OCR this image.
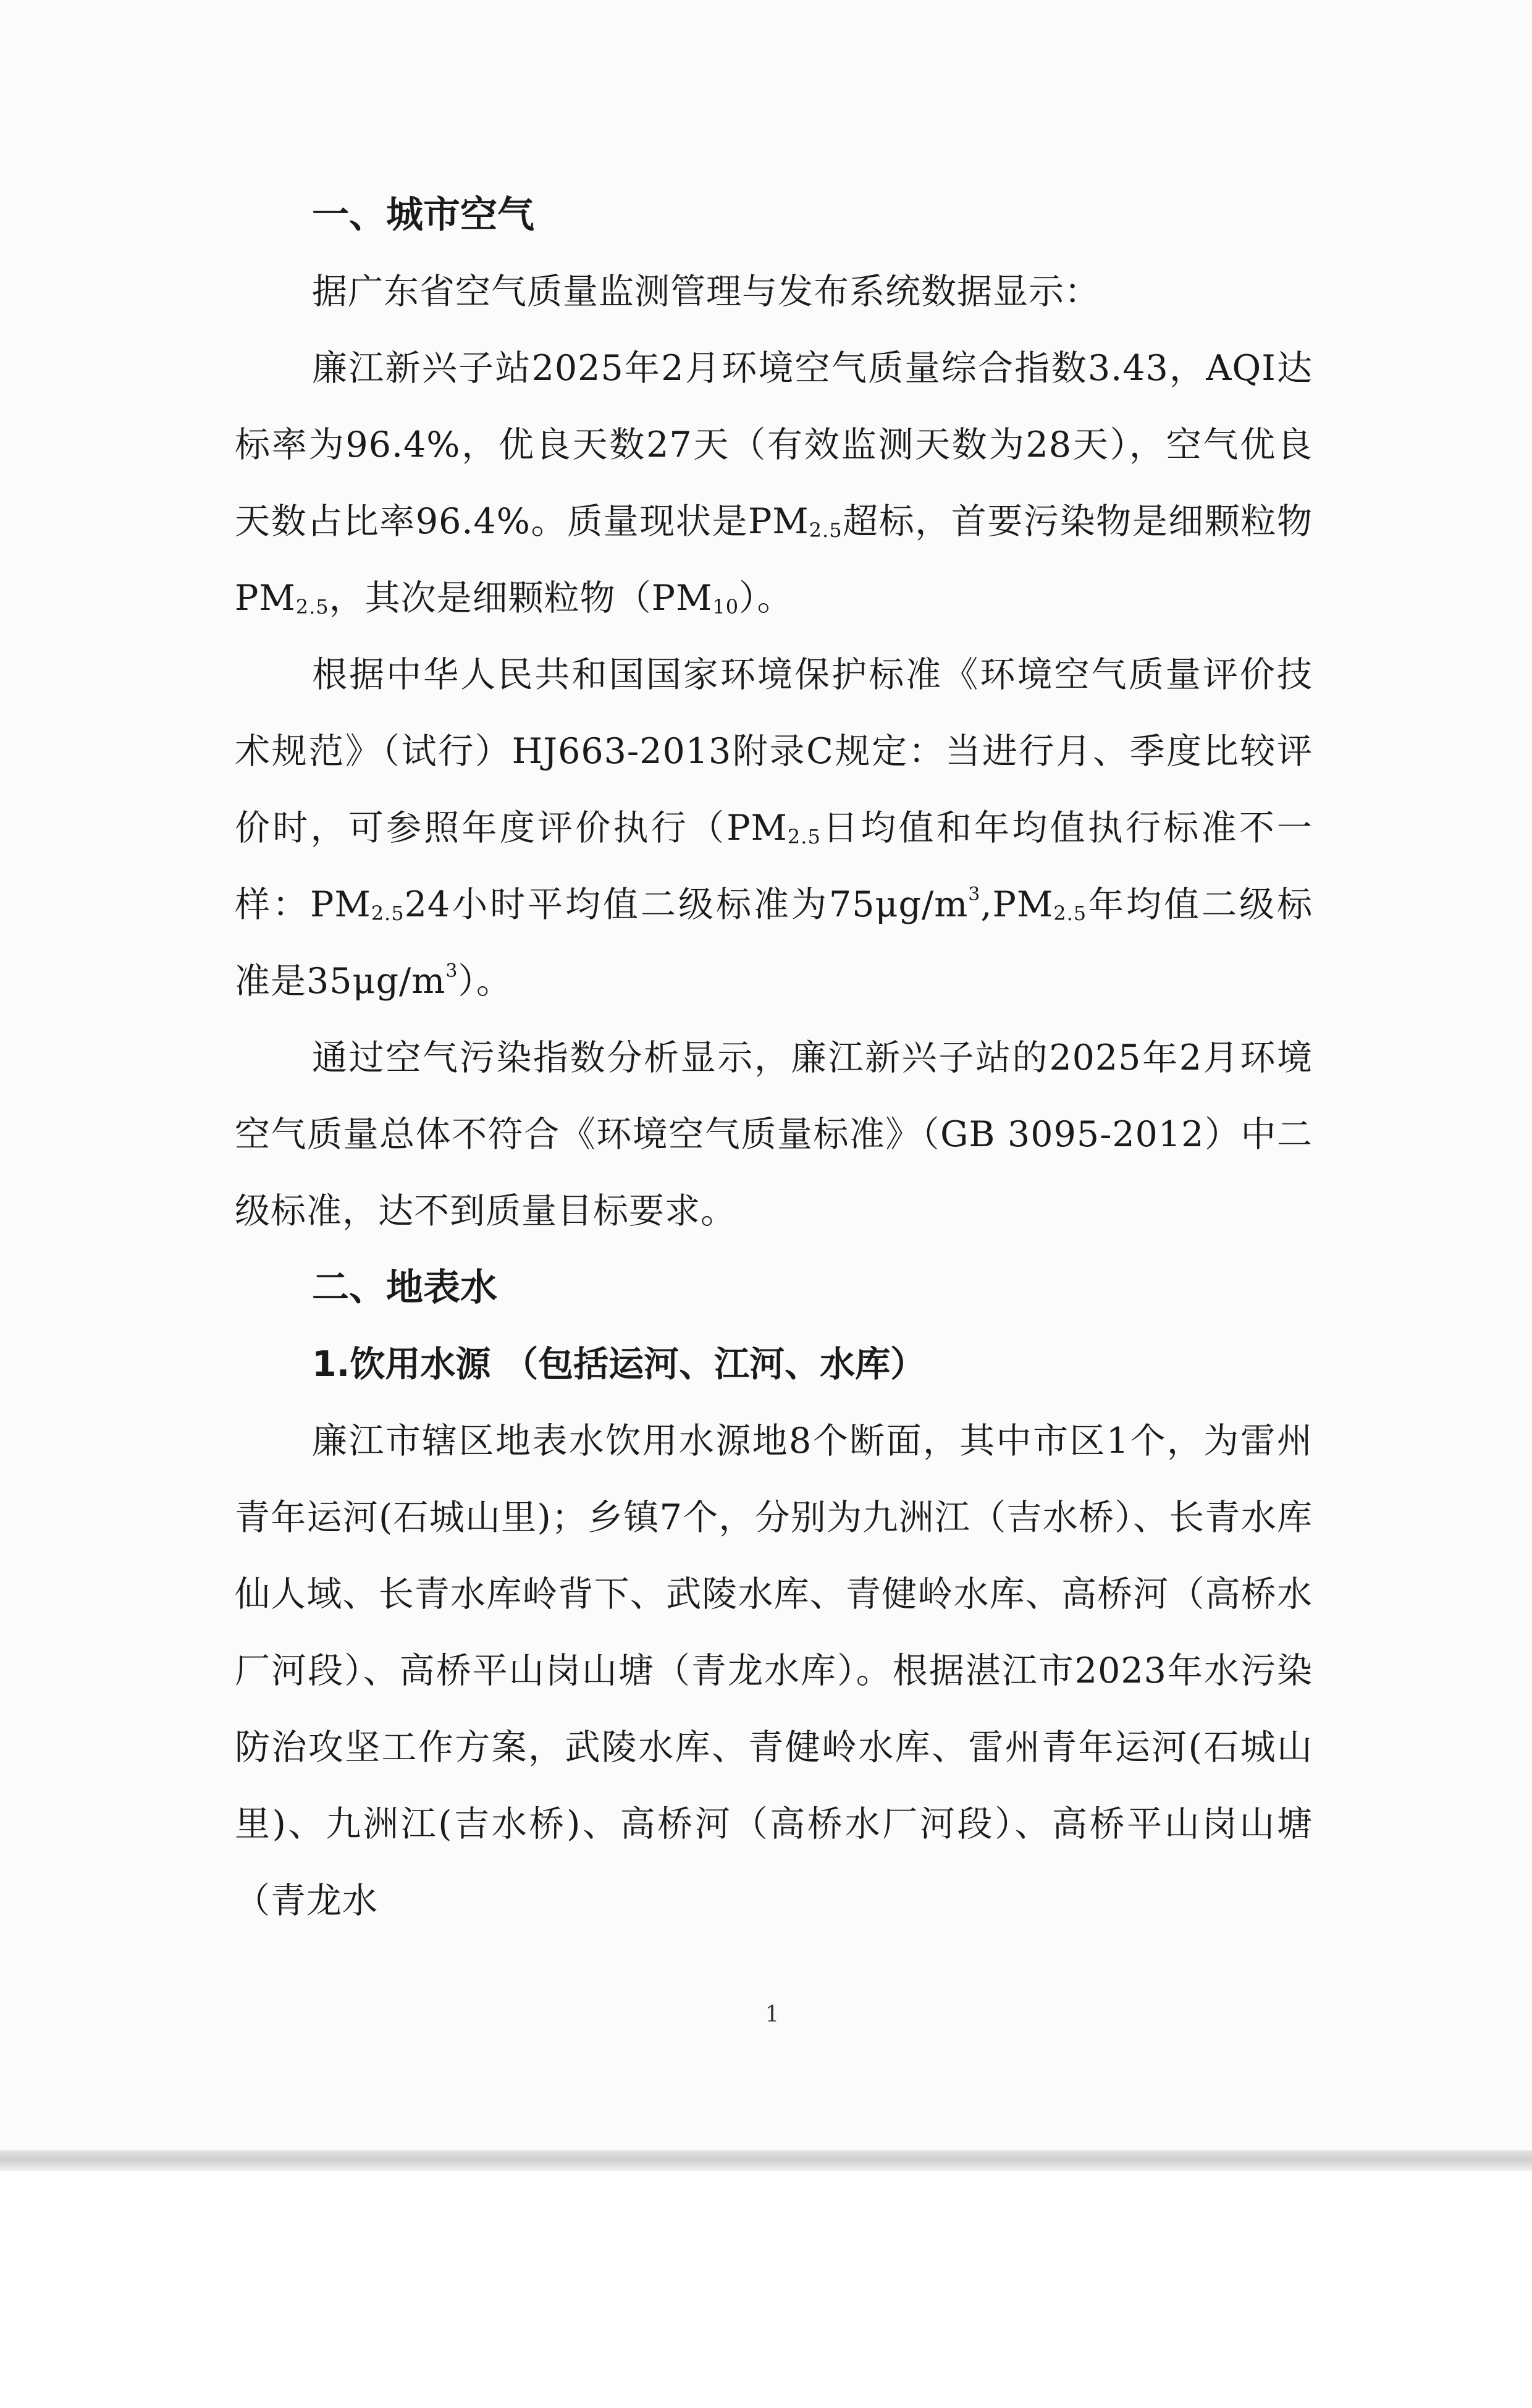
一、城市空气

据广东省空气质量监测管理与发布系统数据显示：

廉江新兴子站2025年2月环境空气质量综合指数3.43，AQI达标率为96.4%，优良天数27天（有效监测天数为28天），空气优良天数占比率96.4%。质量现状是$PM_{2.5}$超标，首要污染物是细颗粒物$PM_{2.5}$，其次是细颗粒物$(PM_{10})$。

根据中华人民共和国国家环境保护标准《环境空气质量评价技术规范》（试行）HJ663-2013附录C规定：当进行月、季度比较评价时，可参照年度评价执行（$PM_{2.5}$日均值和年均值执行标准不一样：$PM_{2.5}24$小时平均值二级标准为$75\mu g/m^3,PM_{2.5}$年均值二级标准是$35\mu g/m^3$）。

通过空气污染指数分析显示，廉江新兴子站的2025年2月环境空气质量总体不符合《环境空气质量标准》（GB 3095-2012）中二级标准，达不到质量目标要求。

二、地表水
1.饮用水源 （包括运河、江河、水库）

廉江市辖区地表水饮用水源地8个断面，其中市区1个，为雷州青年运河(石城山里)；乡镇7个，分别为九洲江（吉水桥）、长青水库仙人域、长青水库岭背下、武陵水库、青健岭水库、高桥河（高桥水厂河段）、高桥平山岗山塘（青龙水库）。根据湛江市2023年水污染防治攻坚工作方案，武陵水库、青健岭水库、雷州青年运河(石城山里)、九洲江(吉水桥)、高桥河（高桥水厂河段）、高桥平山岗山塘（青龙水

1
